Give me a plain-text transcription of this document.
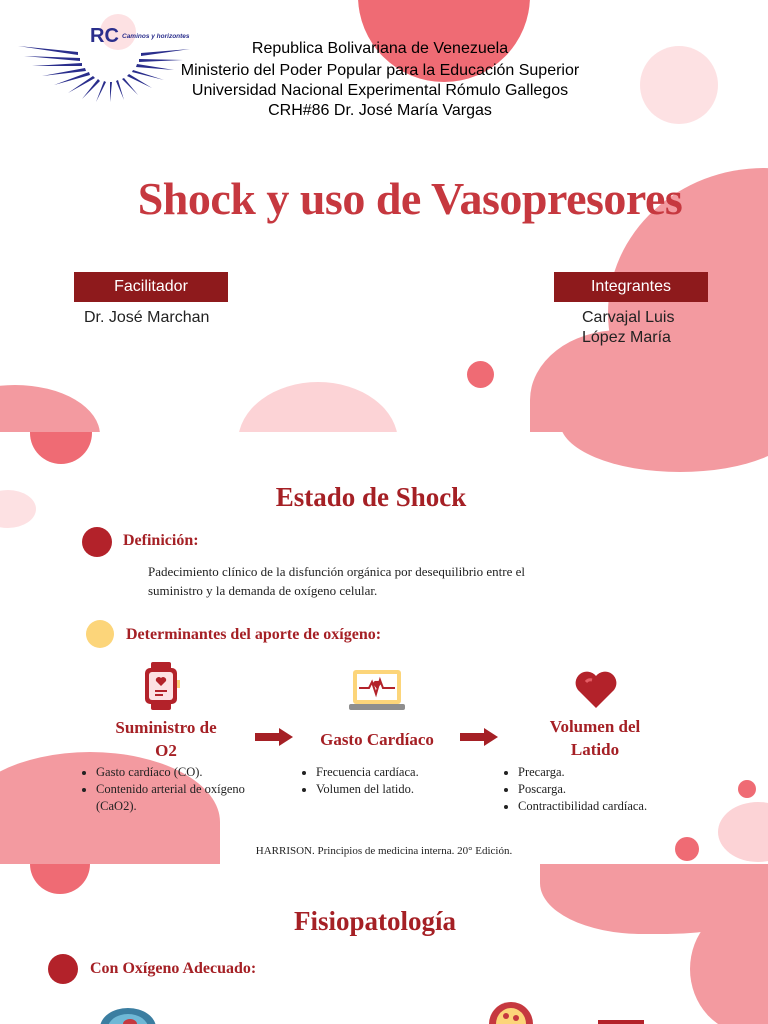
RC Caminos y horizontes
Republica Bolivariana de Venezuela
Ministerio del Poder Popular para la Educación Superior
Universidad Nacional Experimental Rómulo Gallegos
CRH#86 Dr. José María Vargas
Shock y uso de Vasopresores
Facilitador
Dr. José Marchan
Integrantes
Carvajal Luis
López María
Estado de Shock
Definición:
Padecimiento clínico de la disfunción orgánica por desequilibrio entre el
suministro y la demanda de oxígeno celular.
Determinantes del aporte de oxígeno:
Suministro de
O2
Gasto Cardíaco
Volumen del
Latido
• Gasto cardíaco (CO).
• Contenido arterial de oxígeno (CaO2).
• Frecuencia cardíaca.
• Volumen del latido.
• Precarga.
• Poscarga.
• Contractibilidad cardíaca.
HARRISON. Principios de medicina interna. 20° Edición.
Fisiopatología
Con Oxígeno Adecuado:
